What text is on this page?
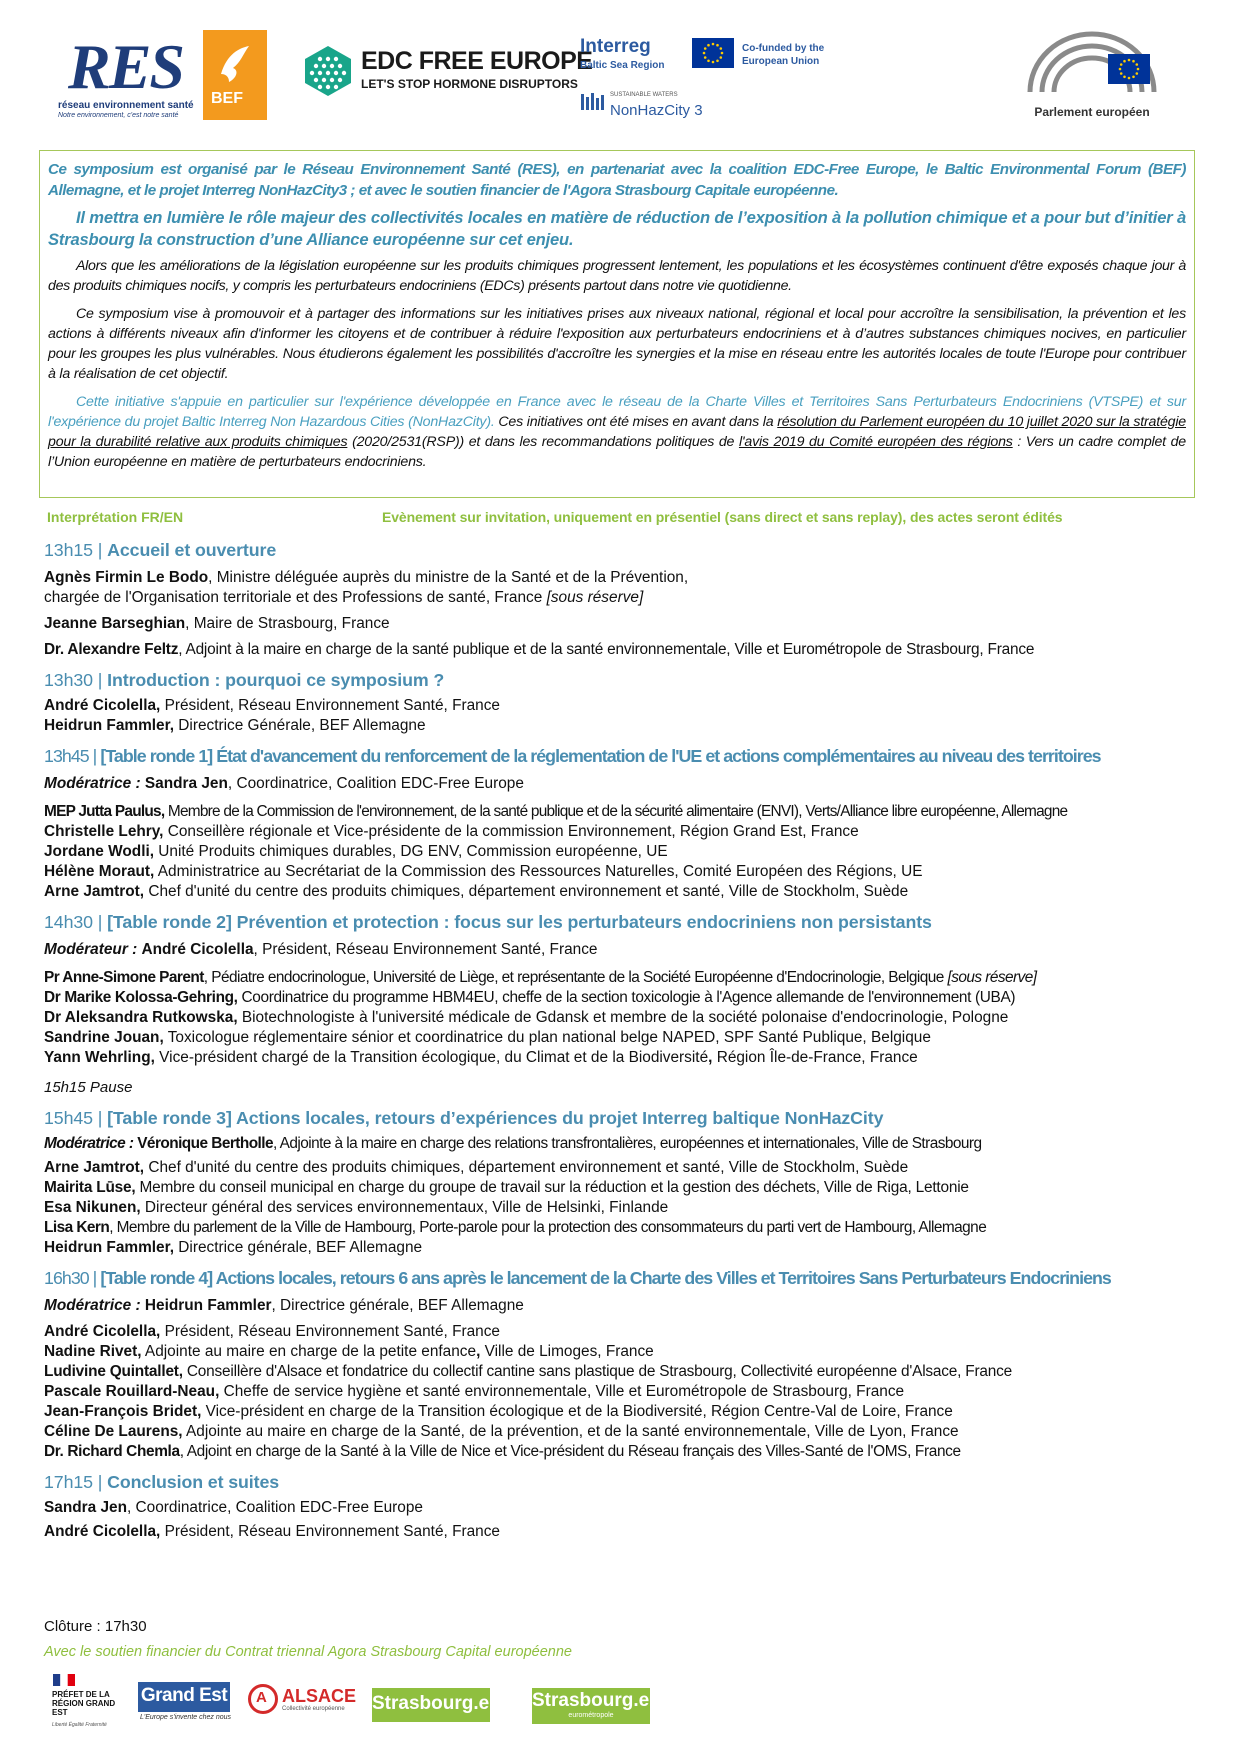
RES
réseau environnement santé
Notre environnement, c'est notre santé
BEF
EDC FREE EUROPE
LET'S STOP HORMONE DISRUPTORS
Interreg
Baltic Sea Region
Co-funded by the European Union
SUSTAINABLE WATERS
NonHazCity 3	Parlement européen

Ce symposium est organisé par le Réseau Environnement Santé (RES), en partenariat avec la coalition EDC-Free Europe, le Baltic Environmental Forum (BEF) Allemagne, et le projet Interreg NonHazCity3 ; et avec le soutien financier de l'Agora Strasbourg Capitale européenne.

Il mettra en lumière le rôle majeur des collectivités locales en matière de réduction de l’exposition à la pollution chimique et a pour but d’initier à Strasbourg la construction d’une Alliance européenne sur cet enjeu.

Alors que les améliorations de la législation européenne sur les produits chimiques progressent lentement, les populations et les écosystèmes continuent d'être exposés chaque jour à des produits chimiques nocifs, y compris les perturbateurs endocriniens (EDCs) présents partout dans notre vie quotidienne.

Ce symposium vise à promouvoir et à partager des informations sur les initiatives prises aux niveaux national, régional et local pour accroître la sensibilisation, la prévention et les actions à différents niveaux afin d'informer les citoyens et de contribuer à réduire l'exposition aux perturbateurs endocriniens et à d’autres substances chimiques nocives, en particulier pour les groupes les plus vulnérables. Nous étudierons également les possibilités d'accroître les synergies et la mise en réseau entre les autorités locales de toute l'Europe pour contribuer à la réalisation de cet objectif.

Cette initiative s'appuie en particulier sur l'expérience développée en France avec le réseau de la Charte Villes et Territoires Sans Perturbateurs Endocriniens (VTSPE) et sur l'expérience du projet Baltic Interreg Non Hazardous Cities (NonHazCity). Ces initiatives ont été mises en avant dans la résolution du Parlement européen du 10 juillet 2020 sur la stratégie pour la durabilité relative aux produits chimiques (2020/2531(RSP)) et dans les recommandations politiques de l'avis 2019 du Comité européen des régions : Vers un cadre complet de l’Union européenne en matière de perturbateurs endocriniens.

Interprétation FR/EN	Evènement sur invitation, uniquement en présentiel (sans direct et sans replay), des actes seront édités
13h15 | Accueil et ouverture
Agnès Firmin Le Bodo, Ministre déléguée auprès du ministre de la Santé et de la Prévention,
chargée de l'Organisation territoriale et des Professions de santé, France [sous réserve]
Jeanne Barseghian, Maire de Strasbourg, France
Dr. Alexandre Feltz, Adjoint à la maire en charge de la santé publique et de la santé environnementale, Ville et Eurométropole de Strasbourg, France
13h30 | Introduction : pourquoi ce symposium ?
André Cicolella, Président, Réseau Environnement Santé, France
Heidrun Fammler, Directrice Générale, BEF Allemagne
13h45 | [Table ronde 1] État d'avancement du renforcement de la réglementation de l'UE et actions complémentaires au niveau des territoires
Modératrice : Sandra Jen, Coordinatrice, Coalition EDC-Free Europe
MEP Jutta Paulus, Membre de la Commission de l'environnement, de la santé publique et de la sécurité alimentaire (ENVI), Verts/Alliance libre européenne, Allemagne
Christelle Lehry, Conseillère régionale et Vice-présidente de la commission Environnement, Région Grand Est, France
Jordane Wodli, Unité Produits chimiques durables, DG ENV, Commission européenne, UE
Hélène Moraut, Administratrice au Secrétariat de la Commission des Ressources Naturelles, Comité Européen des Régions, UE
Arne Jamtrot, Chef d'unité du centre des produits chimiques, département environnement et santé, Ville de Stockholm, Suède
14h30 | [Table ronde 2] Prévention et protection : focus sur les perturbateurs endocriniens non persistants
Modérateur : André Cicolella, Président, Réseau Environnement Santé, France
Pr Anne-Simone Parent, Pédiatre endocrinologue, Université de Liège, et représentante de la Société Européenne d'Endocrinologie, Belgique [sous réserve]
Dr Marike Kolossa-Gehring, Coordinatrice du programme HBM4EU, cheffe de la section toxicologie à l'Agence allemande de l'environnement (UBA)
Dr Aleksandra Rutkowska, Biotechnologiste à l'université médicale de Gdansk et membre de la société polonaise d'endocrinologie, Pologne
Sandrine Jouan, Toxicologue réglementaire sénior et coordinatrice du plan national belge NAPED, SPF Santé Publique, Belgique
Yann Wehrling, Vice-président chargé de la Transition écologique, du Climat et de la Biodiversité, Région Île-de-France, France
15h15 Pause
15h45 | [Table ronde 3] Actions locales, retours d’expériences du projet Interreg baltique NonHazCity
Modératrice : Véronique Bertholle, Adjointe à la maire en charge des relations transfrontalières, européennes et internationales, Ville de Strasbourg
Arne Jamtrot, Chef d'unité du centre des produits chimiques, département environnement et santé, Ville de Stockholm, Suède
Mairita Lūse, Membre du conseil municipal en charge du groupe de travail sur la réduction et la gestion des déchets, Ville de Riga, Lettonie
Esa Nikunen, Directeur général des services environnementaux, Ville de Helsinki, Finlande
Lisa Kern, Membre du parlement de la Ville de Hambourg, Porte-parole pour la protection des consommateurs du parti vert de Hambourg, Allemagne
Heidrun Fammler, Directrice générale, BEF Allemagne
16h30 | [Table ronde 4] Actions locales, retours 6 ans après le lancement de la Charte des Villes et Territoires Sans Perturbateurs Endocriniens
Modératrice : Heidrun Fammler, Directrice générale, BEF Allemagne
André Cicolella, Président, Réseau Environnement Santé, France
Nadine Rivet, Adjointe au maire en charge de la petite enfance, Ville de Limoges, France
Ludivine Quintallet, Conseillère d'Alsace et fondatrice du collectif cantine sans plastique de Strasbourg, Collectivité européenne d'Alsace, France
Pascale Rouillard-Neau, Cheffe de service hygiène et santé environnementale, Ville et Eurométropole de Strasbourg, France
Jean-François Bridet, Vice-président en charge de la Transition écologique et de la Biodiversité, Région Centre-Val de Loire, France
Céline De Laurens, Adjointe au maire en charge de la Santé, de la prévention, et de la santé environnementale, Ville de Lyon, France
Dr. Richard Chemla, Adjoint en charge de la Santé à la Ville de Nice et Vice-président du Réseau français des Villes-Santé de l'OMS, France
17h15 | Conclusion et suites
Sandra Jen, Coordinatrice, Coalition EDC-Free Europe
André Cicolella, Président, Réseau Environnement Santé, France
Clôture : 17h30
Avec le soutien financier du Contrat triennal Agora Strasbourg Capital européenne
PRÉFET DE LA RÉGION GRAND EST
Liberté Égalité Fraternité
Grand Est
L'Europe s'invente chez nous
A ALSACE
Collectivité européenne Strasbourg.eu Strasbourg.eu
eurométropole
